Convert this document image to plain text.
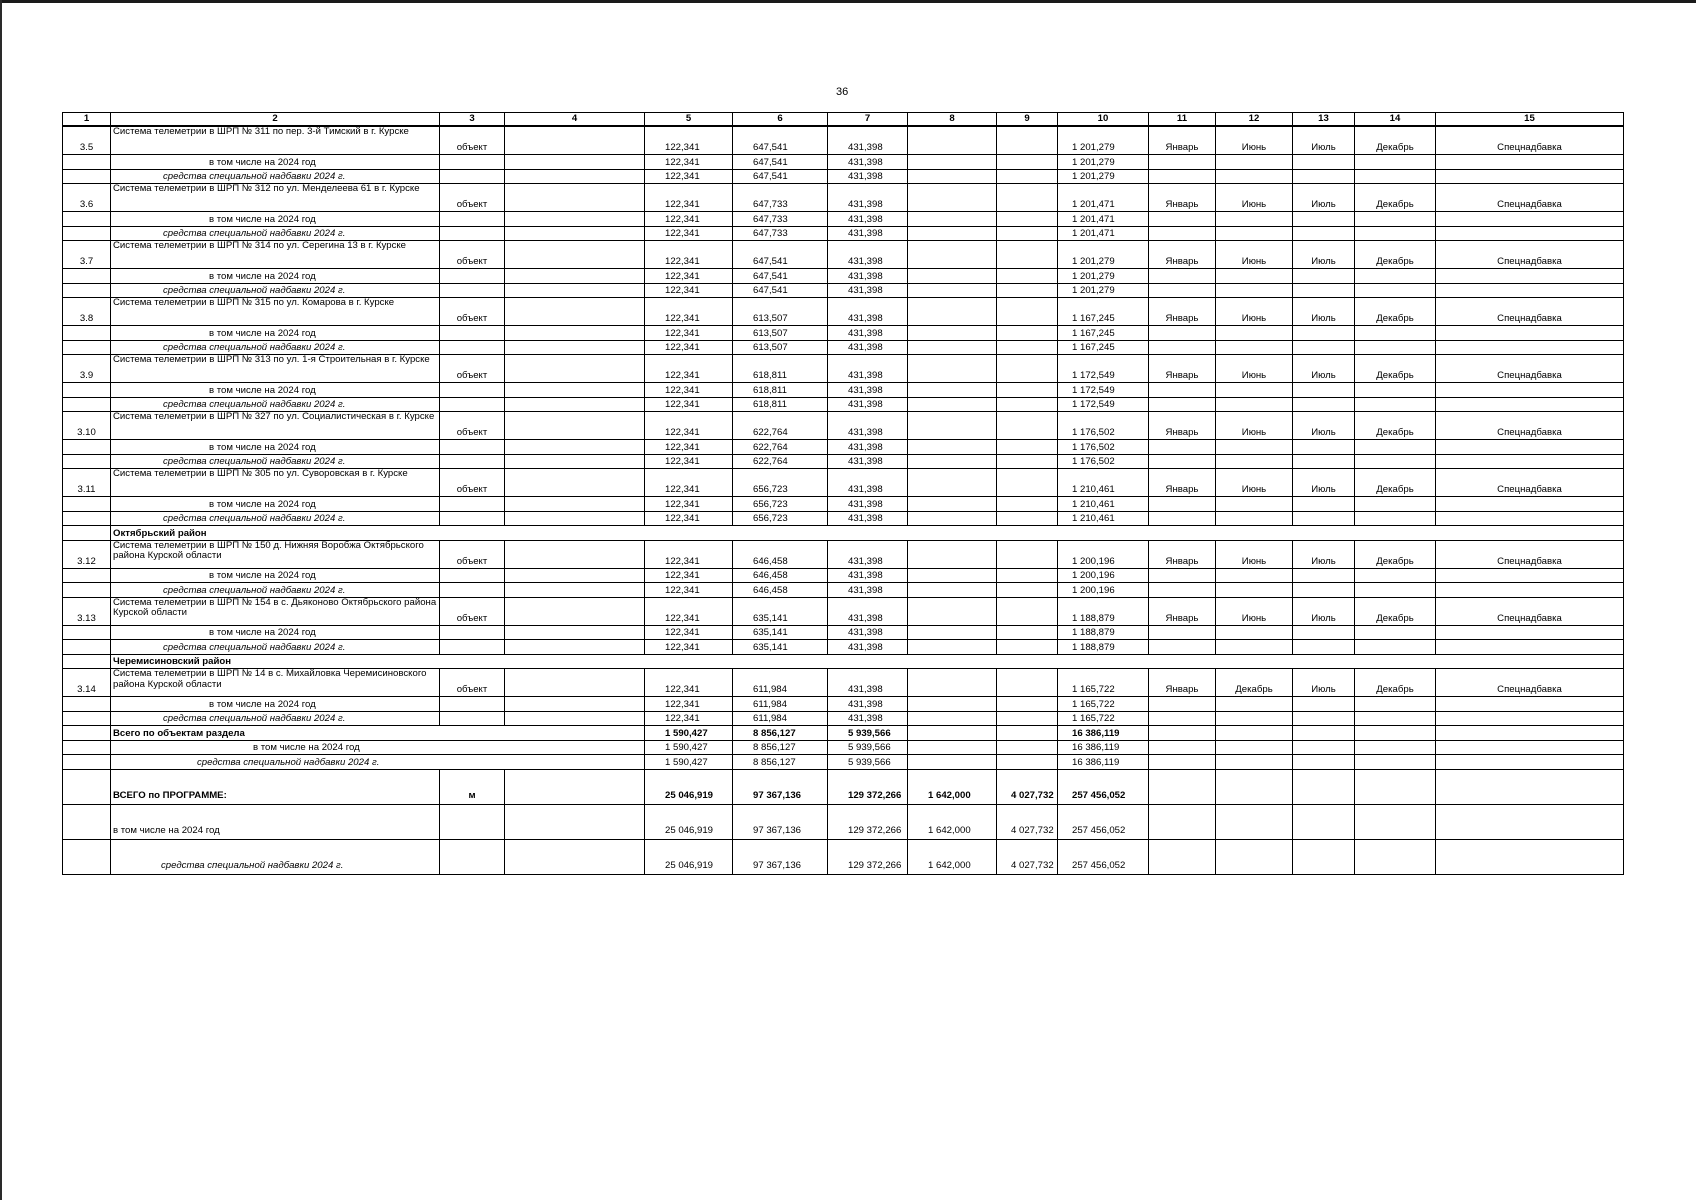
36
1	2	3	4	5	6	7	8	9	10	11	12	13	14	15
3.5	Система телеметрии в ШРП № 311 по пер. 3-й Тимский в г. Курске	объект		122,341	647,541	431,398			1 201,279	Январь	Июнь	Июль	Декабрь	Спецнадбавка
	в том числе на 2024 год			122,341	647,541	431,398			1 201,279					
	средства специальной надбавки 2024 г.			122,341	647,541	431,398			1 201,279					
3.6	Система телеметрии в ШРП № 312 по ул. Менделеева 61 в г. Курске	объект		122,341	647,733	431,398			1 201,471	Январь	Июнь	Июль	Декабрь	Спецнадбавка
	в том числе на 2024 год			122,341	647,733	431,398			1 201,471					
	средства специальной надбавки 2024 г.			122,341	647,733	431,398			1 201,471					
3.7	Система телеметрии в ШРП № 314 по ул. Серегина 13 в г. Курске	объект		122,341	647,541	431,398			1 201,279	Январь	Июнь	Июль	Декабрь	Спецнадбавка
	в том числе на 2024 год			122,341	647,541	431,398			1 201,279					
	средства специальной надбавки 2024 г.			122,341	647,541	431,398			1 201,279					
3.8	Система телеметрии в ШРП № 315 по ул. Комарова в г. Курске	объект		122,341	613,507	431,398			1 167,245	Январь	Июнь	Июль	Декабрь	Спецнадбавка
	в том числе на 2024 год			122,341	613,507	431,398			1 167,245					
	средства специальной надбавки 2024 г.			122,341	613,507	431,398			1 167,245					
3.9	Система телеметрии в ШРП № 313 по ул. 1-я Строительная в г. Курске	объект		122,341	618,811	431,398			1 172,549	Январь	Июнь	Июль	Декабрь	Спецнадбавка
	в том числе на 2024 год			122,341	618,811	431,398			1 172,549					
	средства специальной надбавки 2024 г.			122,341	618,811	431,398			1 172,549					
3.10	Система телеметрии в ШРП № 327 по ул. Социалистическая в г. Курске	объект		122,341	622,764	431,398			1 176,502	Январь	Июнь	Июль	Декабрь	Спецнадбавка
	в том числе на 2024 год			122,341	622,764	431,398			1 176,502					
	средства специальной надбавки 2024 г.			122,341	622,764	431,398			1 176,502					
3.11	Система телеметрии в ШРП № 305 по ул. Суворовская в г. Курске	объект		122,341	656,723	431,398			1 210,461	Январь	Июнь	Июль	Декабрь	Спецнадбавка
	в том числе на 2024 год			122,341	656,723	431,398			1 210,461					
	средства специальной надбавки 2024 г.			122,341	656,723	431,398			1 210,461					
	Октябрьский район													
3.12	Система телеметрии в ШРП № 150 д. Нижняя Воробжа Октябрьского района Курской области	объект		122,341	646,458	431,398			1 200,196	Январь	Июнь	Июль	Декабрь	Спецнадбавка
	в том числе на 2024 год			122,341	646,458	431,398			1 200,196					
	средства специальной надбавки 2024 г.			122,341	646,458	431,398			1 200,196					
3.13	Система телеметрии в ШРП № 154 в с. Дьяконово Октябрьского района Курской области	объект		122,341	635,141	431,398			1 188,879	Январь	Июнь	Июль	Декабрь	Спецнадбавка
	в том числе на 2024 год			122,341	635,141	431,398			1 188,879					
	средства специальной надбавки 2024 г.			122,341	635,141	431,398			1 188,879					
	Черемисиновский район													
3.14	Система телеметрии в ШРП № 14 в с. Михайловка Черемисиновского района Курской области	объект		122,341	611,984	431,398			1 165,722	Январь	Декабрь	Июль	Декабрь	Спецнадбавка
	в том числе на 2024 год			122,341	611,984	431,398			1 165,722					
	средства специальной надбавки 2024 г.			122,341	611,984	431,398			1 165,722					
	Всего по объектам раздела			1 590,427	8 856,127	5 939,566			16 386,119					
	в том числе на 2024 год			1 590,427	8 856,127	5 939,566			16 386,119					
	средства специальной надбавки 2024 г.			1 590,427	8 856,127	5 939,566			16 386,119					
	ВСЕГО по ПРОГРАММЕ:	м		25 046,919	97 367,136	129 372,266	1 642,000	4 027,732	257 456,052					
	в том числе на 2024 год			25 046,919	97 367,136	129 372,266	1 642,000	4 027,732	257 456,052					
	средства специальной надбавки 2024 г.			25 046,919	97 367,136	129 372,266	1 642,000	4 027,732	257 456,052					
